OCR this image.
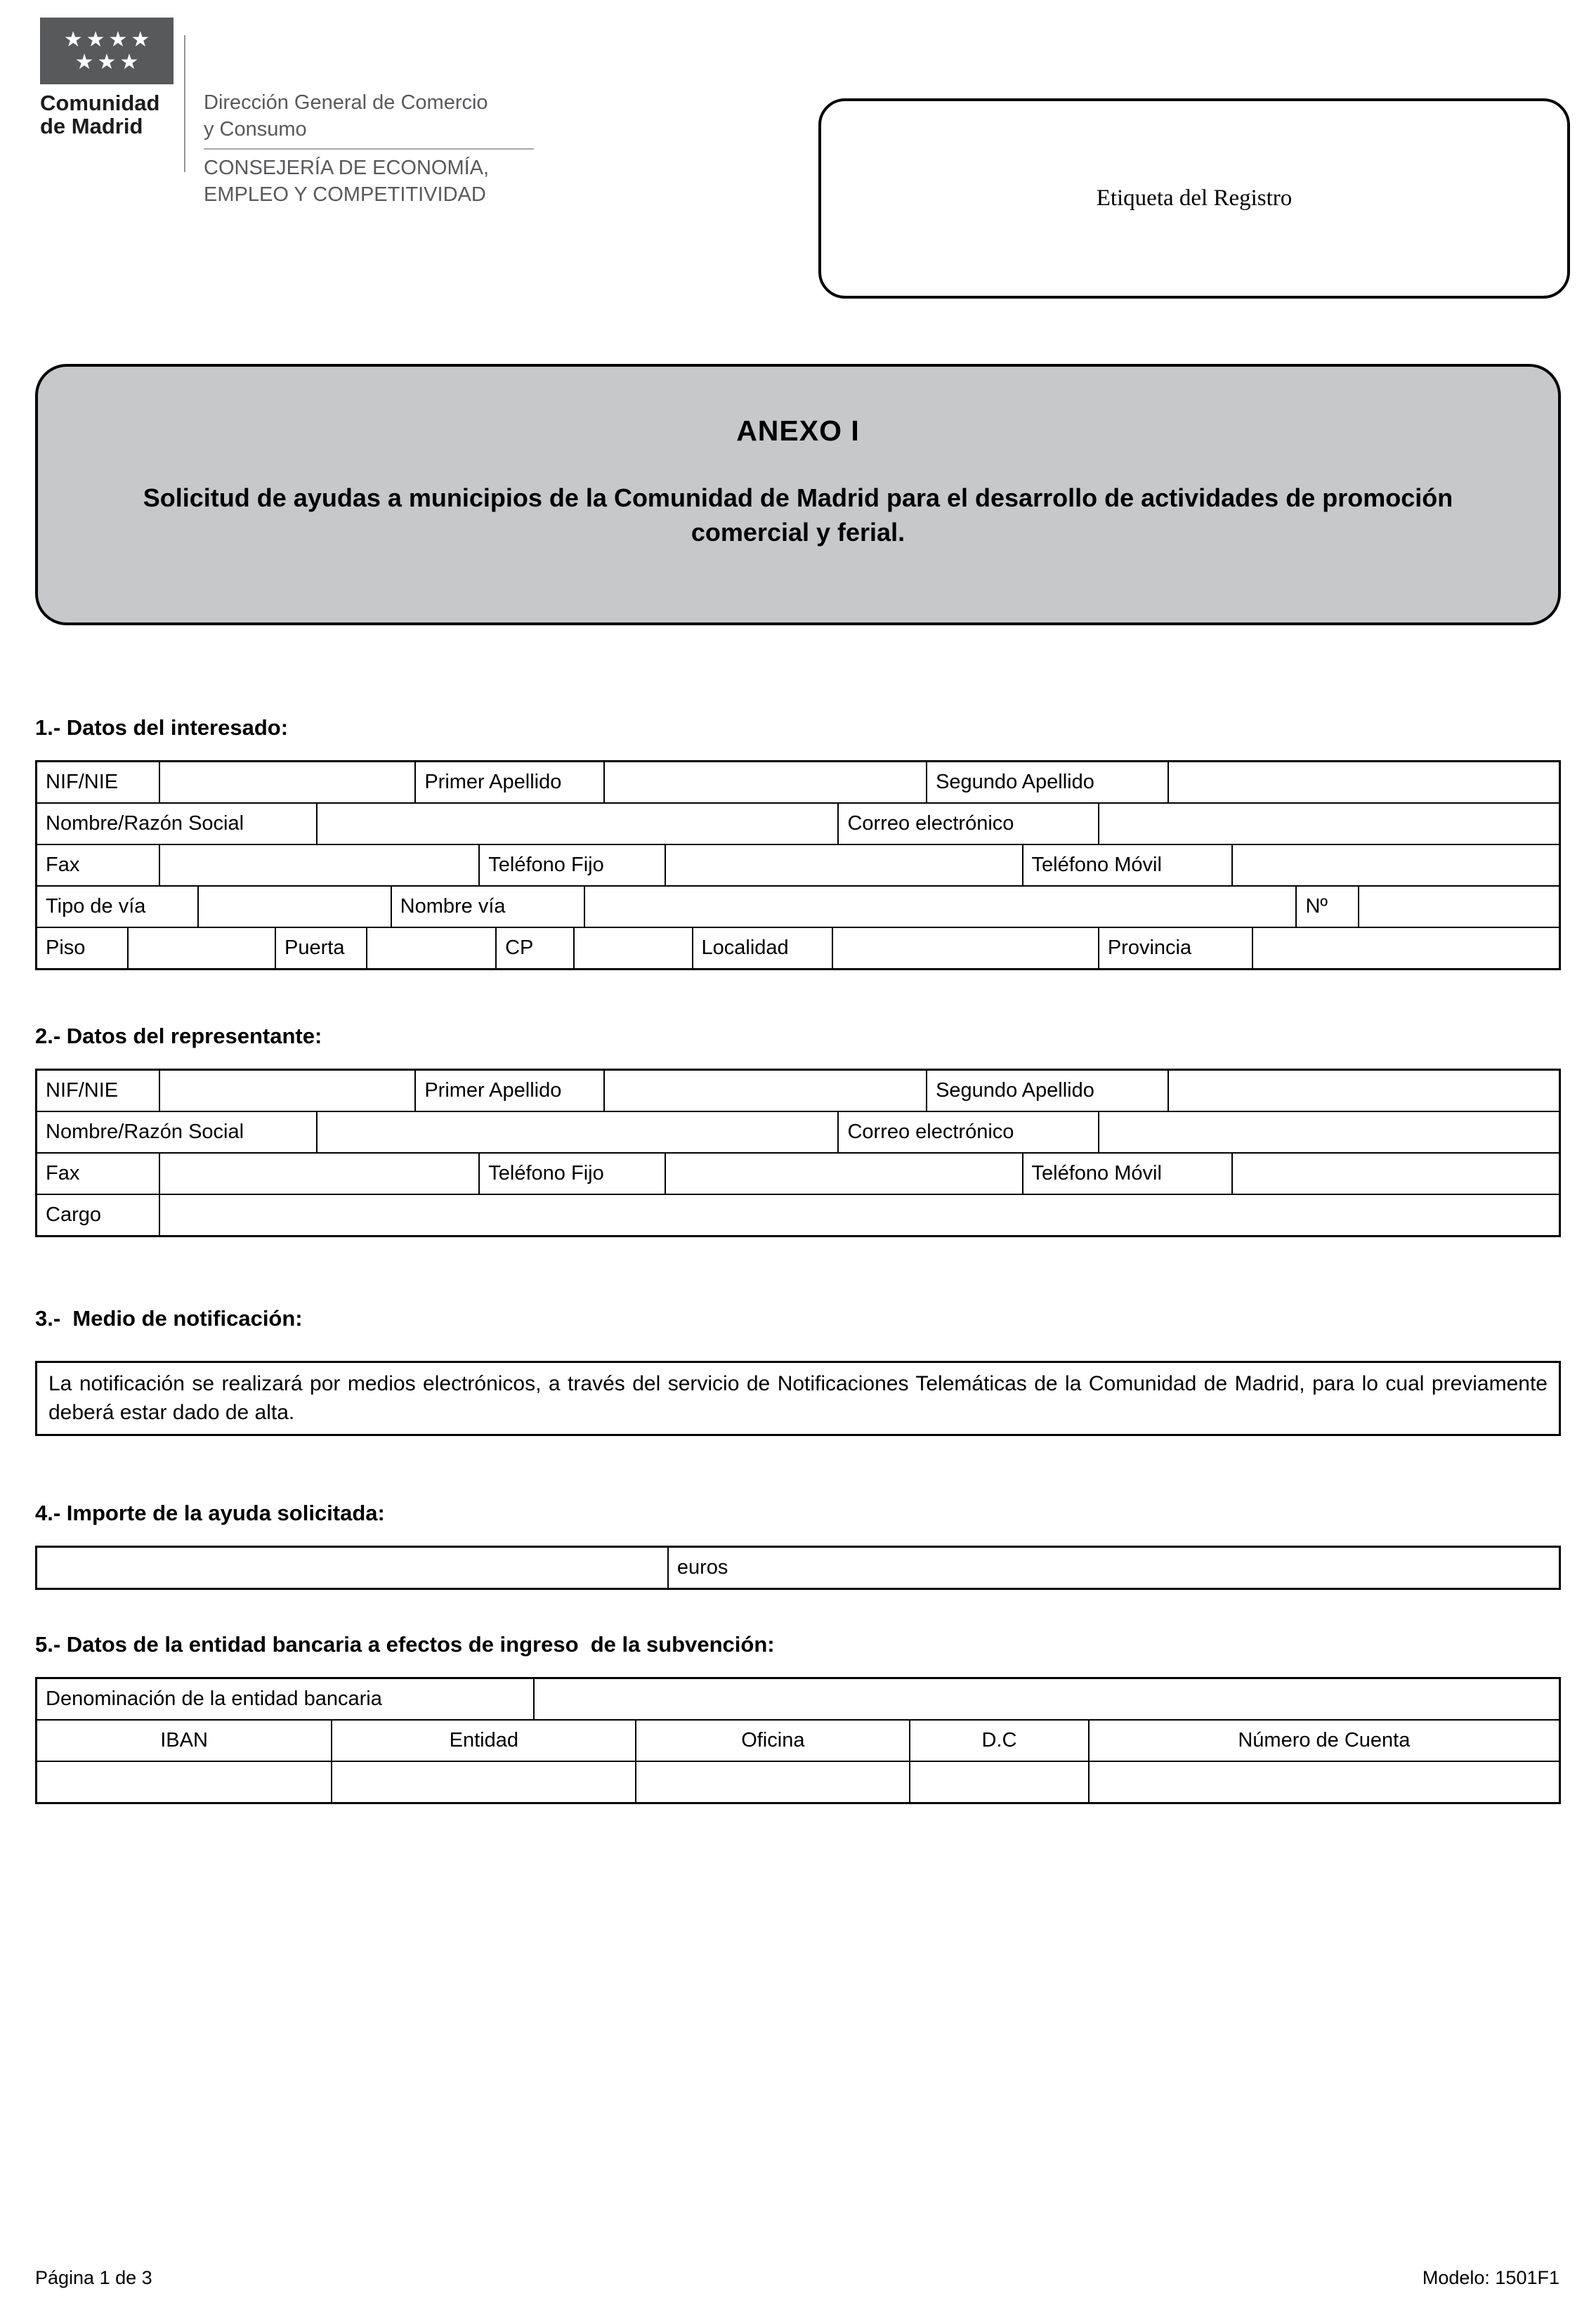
★★★★
★★★
Comunidad
de Madrid
Dirección General de Comercio
y Consumo
CONSEJERÍA DE ECONOMÍA,
EMPLEO Y COMPETITIVIDAD	Etiqueta del Registro
ANEXO I
Solicitud de ayudas a municipios de la Comunidad de Madrid para el desarrollo de actividades de promoción comercial y ferial.
1.- Datos del interesado:
NIF/NIE	Primer Apellido	Segundo Apellido
Nombre/Razón Social	Correo electrónico
Fax	Teléfono Fijo	Teléfono Móvil
Tipo de vía	Nombre vía	Nº
Piso	Puerta	CP	Localidad	Provincia
2.- Datos del representante:
NIF/NIE	Primer Apellido	Segundo Apellido
Nombre/Razón Social	Correo electrónico
Fax	Teléfono Fijo	Teléfono Móvil
Cargo
3.-  Medio de notificación:

La notificación se realizará por medios electrónicos, a través del servicio de Notificaciones Telemáticas de la Comunidad de Madrid, para lo cual previamente deberá estar dado de alta.

4.- Importe de la ayuda solicitada:
euros
5.- Datos de la entidad bancaria a efectos de ingreso  de la subvención:
Denominación de la entidad bancaria
IBAN	Entidad	Oficina	D.C	Número de Cuenta
Página 1 de 3	Modelo: 1501F1
